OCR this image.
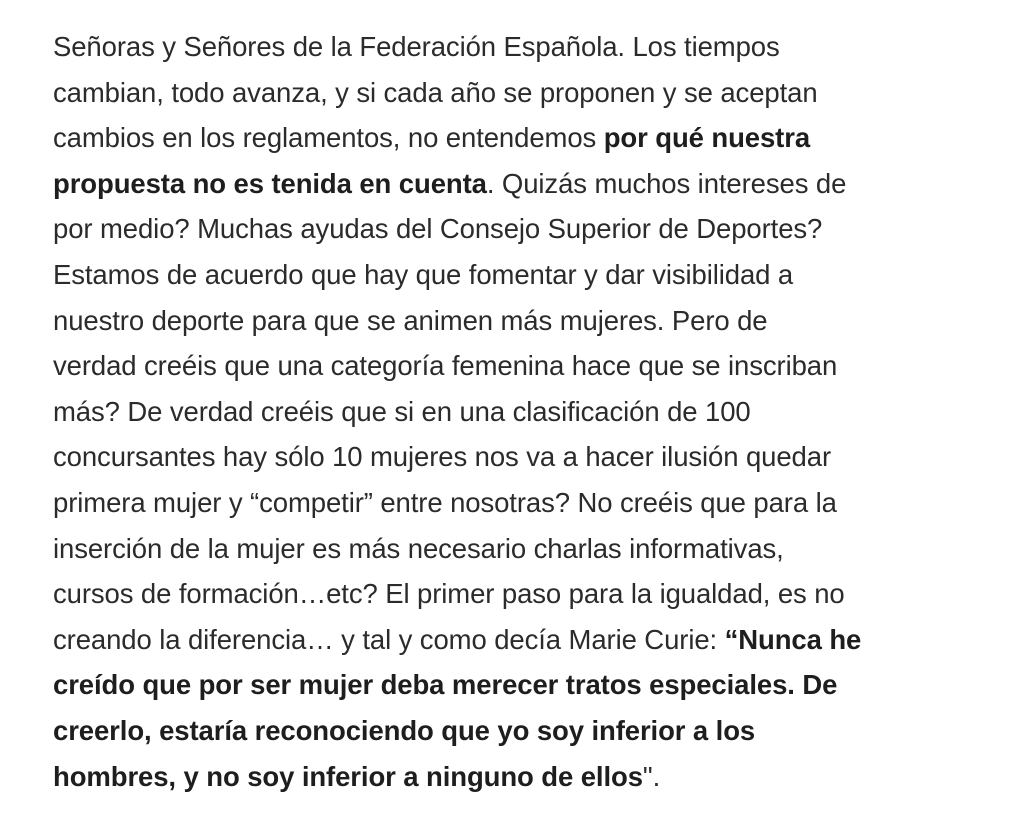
Señoras y Señores de la Federación Española. Los tiempos
cambian, todo avanza, y si cada año se proponen y se aceptan
cambios en los reglamentos, no entendemos por qué nuestra
propuesta no es tenida en cuenta. Quizás muchos intereses de
por medio? Muchas ayudas del Consejo Superior de Deportes?
Estamos de acuerdo que hay que fomentar y dar visibilidad a
nuestro deporte para que se animen más mujeres. Pero de
verdad creéis que una categoría femenina hace que se inscriban
más? De verdad creéis que si en una clasificación de 100
concursantes hay sólo 10 mujeres nos va a hacer ilusión quedar
primera mujer y “competir” entre nosotras? No creéis que para la
inserción de la mujer es más necesario charlas informativas,
cursos de formación…etc? El primer paso para la igualdad, es no
creando la diferencia… y tal y como decía Marie Curie: “Nunca he
creído que por ser mujer deba merecer tratos especiales. De
creerlo, estaría reconociendo que yo soy inferior a los
hombres, y no soy inferior a ninguno de ellos".
